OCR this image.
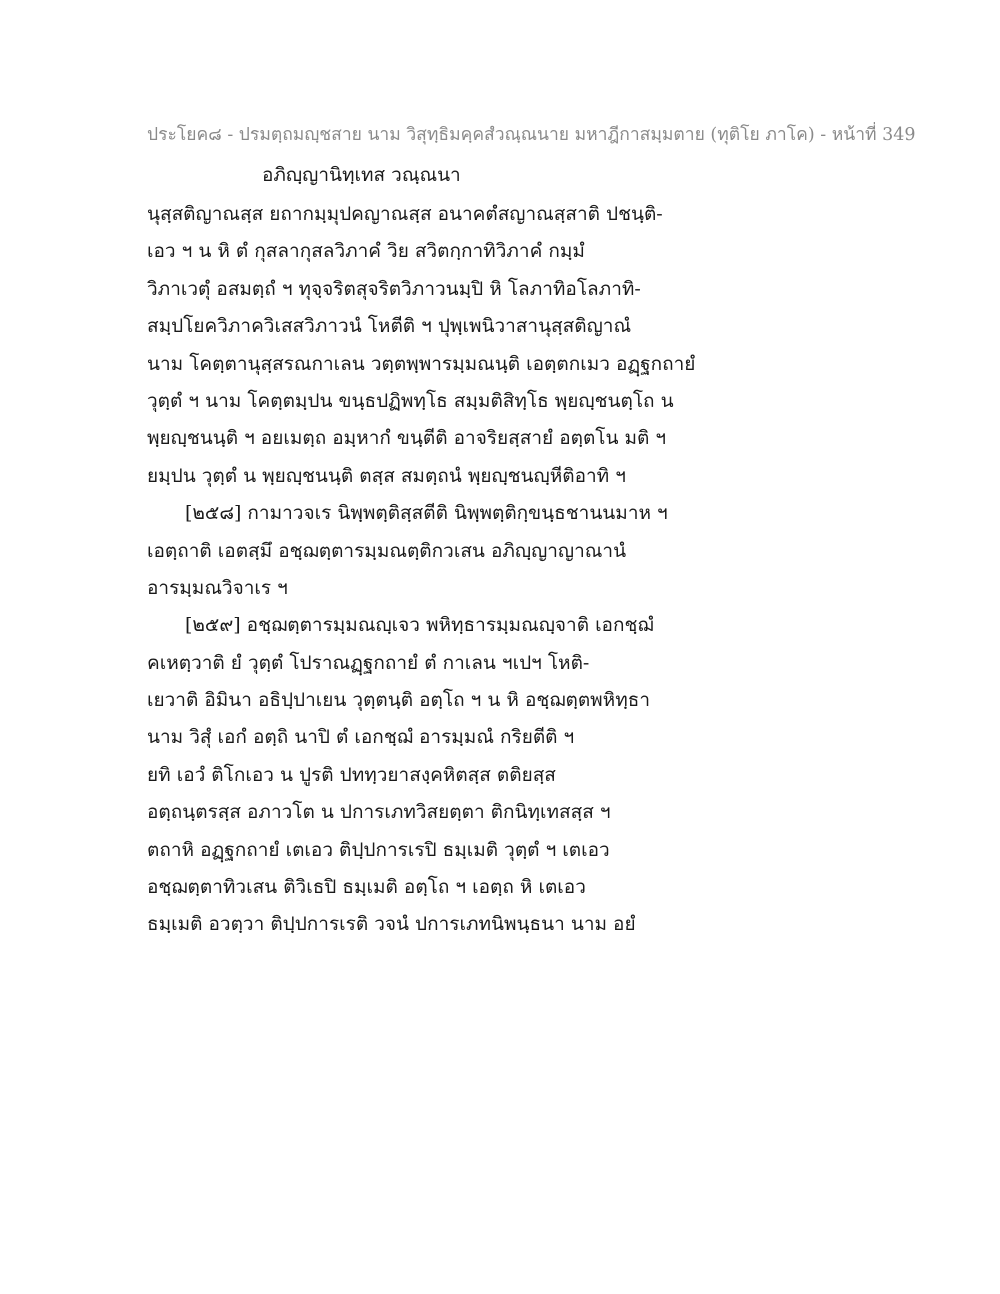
ประโยค๘ - ปรมตฺถมญฺชสาย นาม วิสุทฺธิมคฺคสํวณฺณนาย มหาฎีกาสมฺมตาย (ทุติโย ภาโค) - หน้าที่ 349
อภิญฺญานิทฺเทส วณฺณนา
นุสฺสติญาณสฺส ยถากมฺมุปคญาณสฺส อนาคตํสญาณสฺสาติ ปชนฺติ-
เอว ฯ น หิ ตํ กุสลากุสลวิภาคํ วิย สวิตกฺกาทิวิภาคํ กมฺมํ
วิภาเวตุํ อสมตฺถํ ฯ ทุจฺจริตสุจริตวิภาวนมฺปิ หิ โลภาทิอโลภาทิ-
สมฺปโยควิภาควิเสสวิภาวนํ โหตีติ ฯ ปุพฺเพนิวาสานุสฺสติญาณํ
นาม โคตฺตานุสฺสรณกาเลน วตฺตพฺพารมฺมณนฺติ เอตฺตกเมว อฏฺฐกถายํ
วุตฺตํ ฯ นาม โคตฺตมฺปน ขนฺธปฏิพทฺโธ สมฺมติสิทฺโธ พฺยญฺชนตฺโถ น
พฺยญฺชนนฺติ ฯ อยเมตฺถ อมฺหากํ ขนฺตีติ อาจริยสฺสายํ อตฺตโน มติ ฯ
ยมฺปน วุตฺตํ น พฺยญฺชนนฺติ ตสฺส สมตฺถนํ พฺยญฺชนญฺหีติอาทิ ฯ
[๒๕๘] กามาวจเร นิพฺพตฺติสฺสตีติ นิพฺพตฺติกฺขนฺธชานนมาห ฯ
เอตฺถาติ เอตสฺมึ อชฺฌตฺตารมฺมณตฺติกวเสน อภิญฺญาญาณานํ
อารมฺมณวิจาเร ฯ
[๒๕๙] อชฺฌตฺตารมฺมณญฺเจว พหิทฺธารมฺมณญฺจาติ เอกชฺฌํ
คเหตฺวาติ ยํ วุตฺตํ โปราณฏฺฐกถายํ ตํ กาเลน ฯเปฯ โหติ-
เยวาติ อิมินา อธิปฺปาเยน วุตฺตนฺติ อตฺโถ ฯ น หิ อชฺฌตฺตพหิทฺธา
นาม วิสุํ เอกํ อตฺถิ นาปิ ตํ เอกชฺฌํ อารมฺมณํ กริยตีติ ฯ
ยทิ เอวํ ติโกเอว น ปูรติ ปททฺวยาสงฺคหิตสฺส ตติยสฺส
อตฺถนฺตรสฺส อภาวโต น ปการเภทวิสยตฺตา ติกนิทฺเทสสฺส ฯ
ตถาหิ อฏฺฐกถายํ เตเอว ติปฺปการเรปิ ธมฺเมติ วุตฺตํ ฯ เตเอว
อชฺฌตฺตาทิวเสน ติวิเธปิ ธมฺเมติ อตฺโถ ฯ เอตฺถ หิ เตเอว
ธมฺเมติ อวตฺวา ติปฺปการเรติ วจนํ ปการเภทนิพนฺธนา นาม อยํ
